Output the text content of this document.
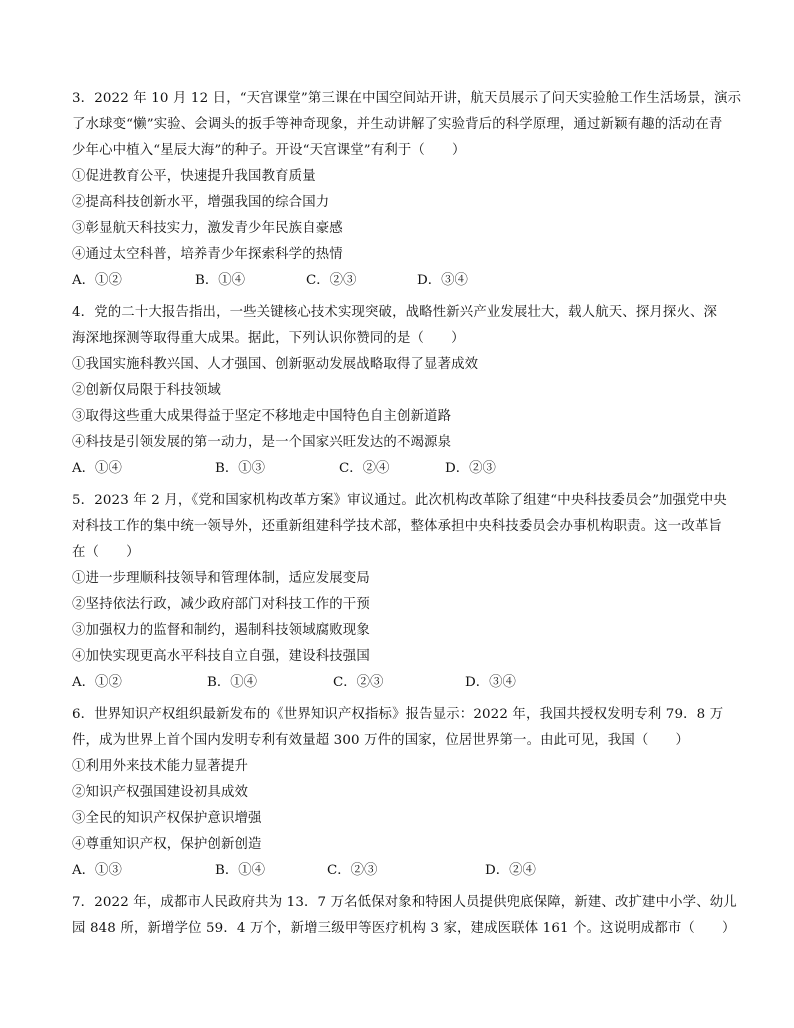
3．2022 年 10 月 12 日，“天宫课堂”第三课在中国空间站开讲，航天员展示了问天实验舱工作生活场景，演示
了水球变“懒”实验、会调头的扳手等神奇现象，并生动讲解了实验背后的科学原理，通过新颖有趣的活动在青
少年心中植入“星辰大海”的种子。开设“天宫课堂”有利于（　　）
①促进教育公平，快速提升我国教育质量
②提高科技创新水平，增强我国的综合国力
③彰显航天科技实力，激发青少年民族自豪感
④通过太空科普，培养青少年探索科学的热情
A．①②	B．①④	C．②③	D．③④
4．党的二十大报告指出，一些关键核心技术实现突破，战略性新兴产业发展壮大，载人航天、探月探火、深
海深地探测等取得重大成果。据此，下列认识你赞同的是（　　）
①我国实施科教兴国、人才强国、创新驱动发展战略取得了显著成效
②创新仅局限于科技领域
③取得这些重大成果得益于坚定不移地走中国特色自主创新道路
④科技是引领发展的第一动力，是一个国家兴旺发达的不竭源泉
A．①④	B．①③	C．②④	D．②③
5．2023 年 2 月，《党和国家机构改革方案》审议通过。此次机构改革除了组建“中央科技委员会”加强党中央
对科技工作的集中统一领导外，还重新组建科学技术部，整体承担中央科技委员会办事机构职责。这一改革旨
在（　　）
①进一步理顺科技领导和管理体制，适应发展变局
②坚持依法行政，减少政府部门对科技工作的干预
③加强权力的监督和制约，遏制科技领域腐败现象
④加快实现更高水平科技自立自强，建设科技强国
A．①②	B．①④	C．②③	D．③④
6．世界知识产权组织最新发布的《世界知识产权指标》报告显示：2022 年，我国共授权发明专利 79．8 万
件，成为世界上首个国内发明专利有效量超 300 万件的国家，位居世界第一。由此可见，我国（　　）
①利用外来技术能力显著提升
②知识产权强国建设初具成效
③全民的知识产权保护意识增强
④尊重知识产权，保护创新创造
A．①③	B．①④	C．②③	D．②④
7．2022 年，成都市人民政府共为 13．7 万名低保对象和特困人员提供兜底保障，新建、改扩建中小学、幼儿
园 848 所，新增学位 59．4 万个，新增三级甲等医疗机构 3 家，建成医联体 161 个。这说明成都市（　　）
